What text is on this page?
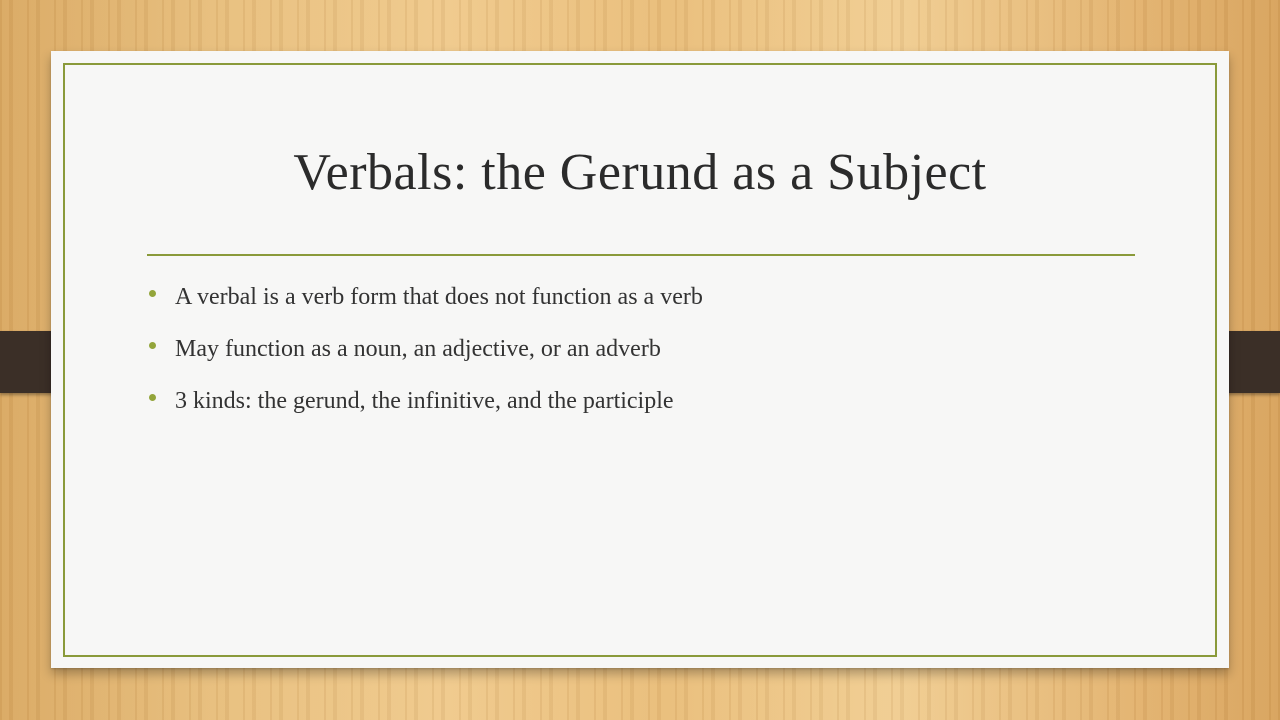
Verbals: the Gerund as a Subject
A verbal is a verb form that does not function as a verb
May function as a noun, an adjective, or an adverb
3 kinds: the gerund, the infinitive, and the participle
